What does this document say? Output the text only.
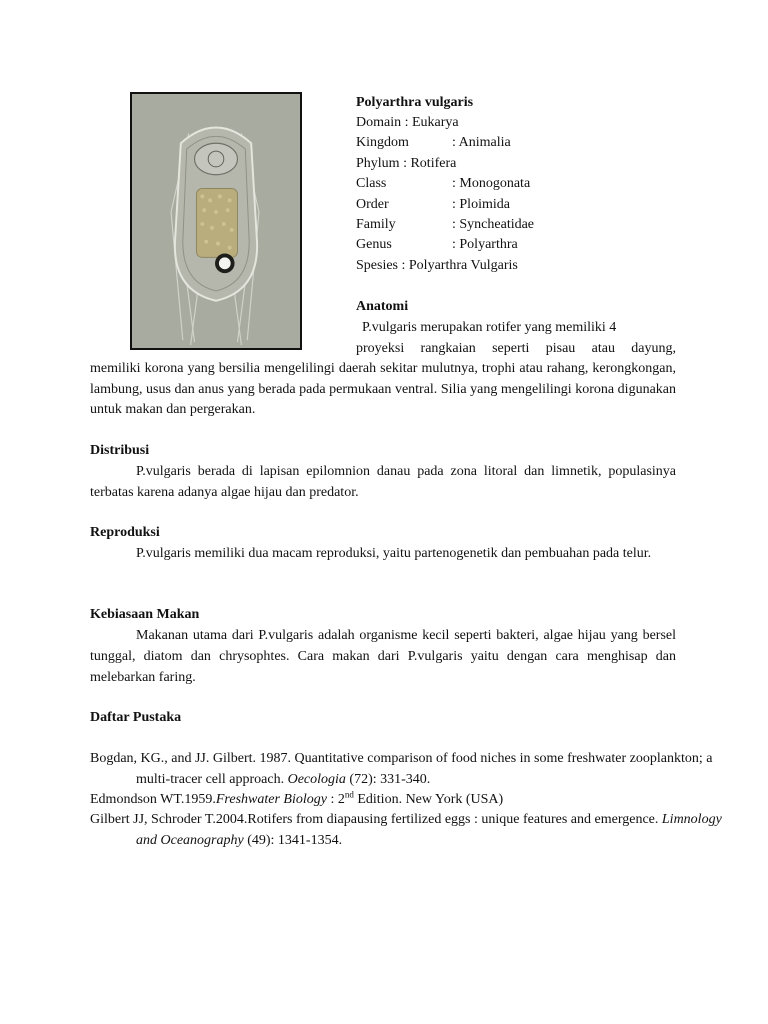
Polyarthra vulgaris
Domain : Eukarya
Kingdom	: Animalia
Phylum : Rotifera
Class	: Monogonata
Order	: Ploimida
Family	: Syncheatidae
Genus	: Polyarthra
Spesies : Polyarthra Vulgaris
Anatomi
P.vulgaris merupakan rotifer yang memiliki 4
proyeksi rangkaian seperti pisau atau dayung,
memiliki korona yang bersilia mengelilingi daerah sekitar mulutnya, trophi atau rahang, kerongkongan, lambung, usus dan anus yang berada pada permukaan ventral. Silia yang mengelilingi korona digunakan untuk makan dan pergerakan.
Distribusi
P.vulgaris berada di lapisan epilomnion danau pada zona litoral dan limnetik, populasinya terbatas karena adanya algae hijau dan predator.
Reproduksi
P.vulgaris memiliki dua macam reproduksi, yaitu partenogenetik dan pembuahan pada telur.
Kebiasaan Makan
Makanan utama dari P.vulgaris adalah organisme kecil seperti bakteri, algae hijau yang bersel tunggal, diatom dan chrysophtes. Cara makan dari P.vulgaris yaitu dengan cara menghisap dan melebarkan faring.
Daftar Pustaka
Bogdan, KG., and JJ. Gilbert. 1987. Quantitative comparison of food niches in some freshwater zooplankton; a multi-tracer cell approach. Oecologia (72): 331-340.
Edmondson WT.1959.Freshwater Biology : 2nd Edition. New York (USA)
Gilbert JJ, Schroder T.2004.Rotifers from diapausing fertilized eggs : unique features and emergence. Limnology and Oceanography (49): 1341-1354.
